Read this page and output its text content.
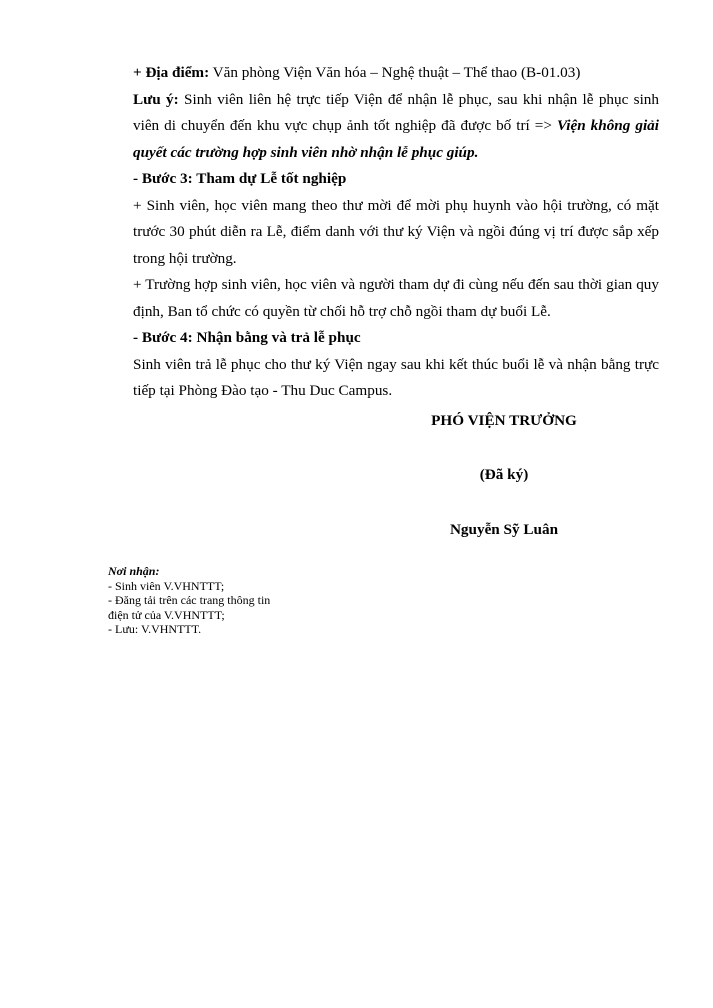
+ Địa điểm: Văn phòng Viện Văn hóa – Nghệ thuật – Thể thao (B-01.03)
Lưu ý: Sinh viên liên hệ trực tiếp Viện để nhận lễ phục, sau khi nhận lễ phục sinh
viên di chuyển đến khu vực chụp ảnh tốt nghiệp đã được bố trí => Viện không giải
quyết các trường hợp sinh viên nhờ nhận lễ phục giúp.
- Bước 3: Tham dự Lễ tốt nghiệp
+ Sinh viên, học viên mang theo thư mời để mời phụ huynh vào hội trường, có mặt
trước 30 phút diễn ra Lễ, điểm danh với thư ký Viện và ngồi đúng vị trí được sắp xếp
trong hội trường.
+ Trường hợp sinh viên, học viên và người tham dự đi cùng nếu đến sau thời gian quy
định, Ban tổ chức có quyền từ chối hỗ trợ chỗ ngồi tham dự buổi Lễ.
- Bước 4: Nhận bằng và trả lễ phục
Sinh viên trả lễ phục cho thư ký Viện ngay sau khi kết thúc buổi lễ và nhận bằng trực
tiếp tại Phòng Đào tạo - Thu Duc Campus.
PHÓ VIỆN TRƯỞNG
(Đã ký)
Nguyễn Sỹ Luân
Nơi nhận:
- Sinh viên V.VHNTTT;
- Đăng tải trên các trang thông tin
điện tử của V.VHNTTT;
- Lưu: V.VHNTTT.
